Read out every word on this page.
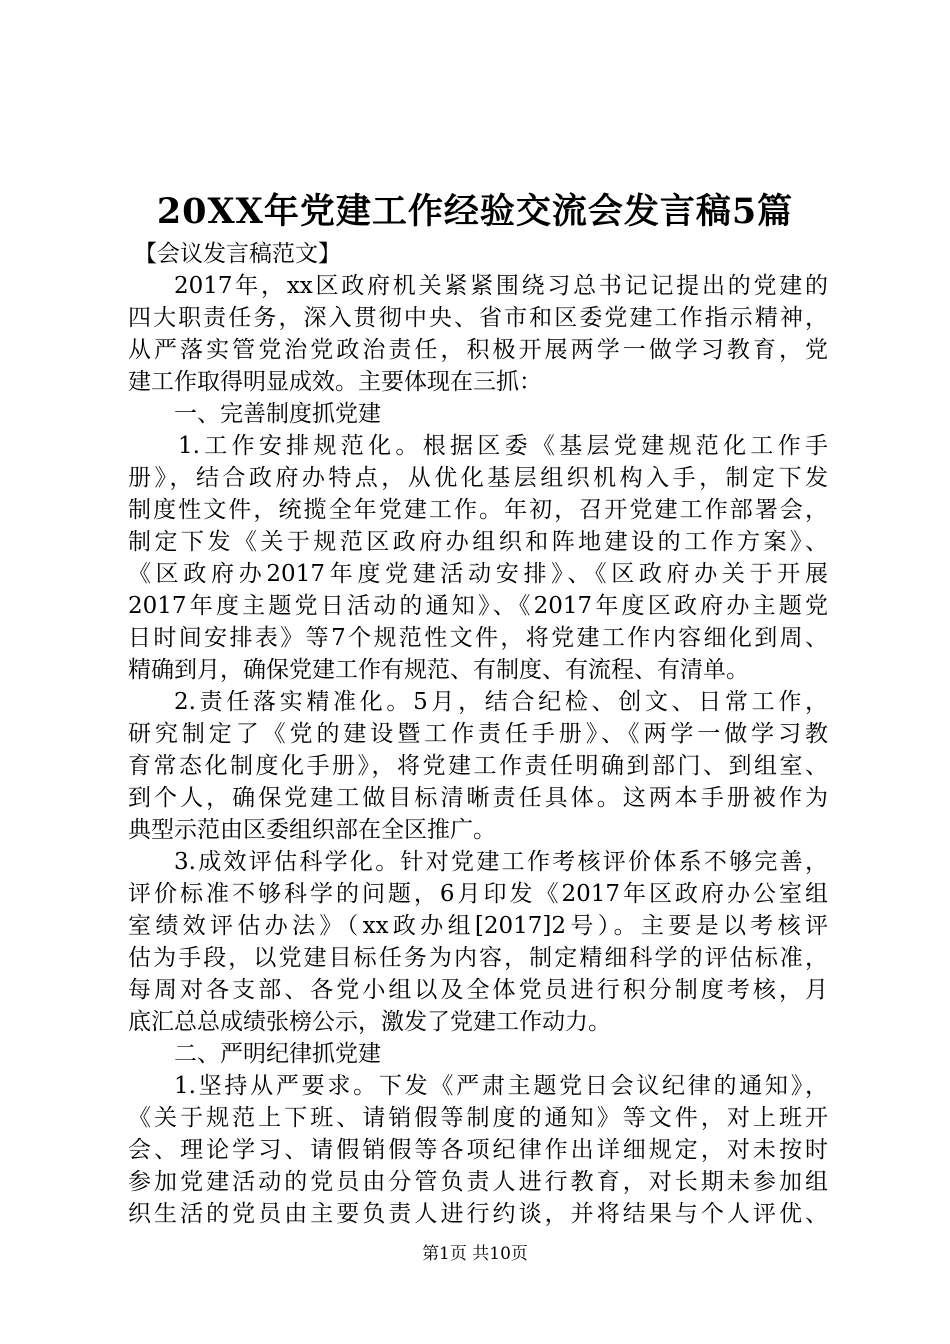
20XX年党建工作经验交流会发言稿5篇
【会议发言稿范文】
2017年，xx区政府机关紧紧围绕习总书记记提出的党建的
四大职责任务，深入贯彻中央、省市和区委党建工作指示精神，
从严落实管党治党政治责任，积极开展两学一做学习教育，党
建工作取得明显成效。主要体现在三抓：
一、完善制度抓党建
1.工作安排规范化。根据区委《基层党建规范化工作手
册》，结合政府办特点，从优化基层组织机构入手，制定下发
制度性文件，统揽全年党建工作。年初，召开党建工作部署会，
制定下发《关于规范区政府办组织和阵地建设的工作方案》、
《区政府办2017年度党建活动安排》、《区政府办关于开展
2017年度主题党日活动的通知》、《2017年度区政府办主题党
日时间安排表》等7个规范性文件，将党建工作内容细化到周、
精确到月，确保党建工作有规范、有制度、有流程、有清单。
2.责任落实精准化。5月，结合纪检、创文、日常工作，
研究制定了《党的建设暨工作责任手册》、《两学一做学习教
育常态化制度化手册》，将党建工作责任明确到部门、到组室、
到个人，确保党建工做目标清晰责任具体。这两本手册被作为
典型示范由区委组织部在全区推广。
3.成效评估科学化。针对党建工作考核评价体系不够完善，
评价标准不够科学的问题，6月印发《2017年区政府办公室组
室绩效评估办法》（xx政办组[2017]2号）。主要是以考核评
估为手段，以党建目标任务为内容，制定精细科学的评估标准，
每周对各支部、各党小组以及全体党员进行积分制度考核，月
底汇总总成绩张榜公示，激发了党建工作动力。
二、严明纪律抓党建
1.坚持从严要求。下发《严肃主题党日会议纪律的通知》，
《关于规范上下班、请销假等制度的通知》等文件，对上班开
会、理论学习、请假销假等各项纪律作出详细规定，对未按时
参加党建活动的党员由分管负责人进行教育，对长期未参加组
织生活的党员由主要负责人进行约谈，并将结果与个人评优、
第1页 共10页
